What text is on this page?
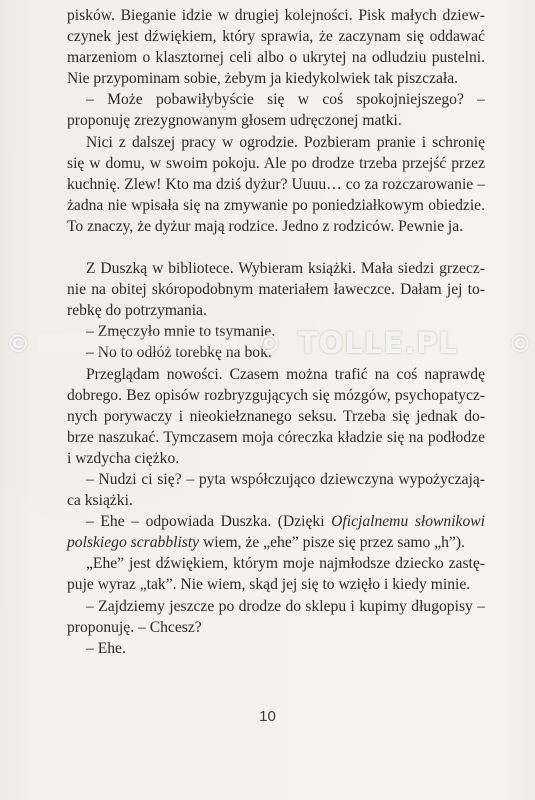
pisków. Bieganie idzie w drugiej kolejności. Pisk małych dziewczynek jest dźwiękiem, który sprawia, że zaczynam się oddawać marzeniom o klasztornej celi albo o ukrytej na odludziu pustelni. Nie przypominam sobie, żebym ja kiedykolwiek tak piszczała.

– Może pobawiłybyście się w coś spokojniejszego? – proponuję zrezygnowanym głosem udręczonej matki.

Nici z dalszej pracy w ogrodzie. Pozbieram pranie i schronię się w domu, w swoim pokoju. Ale po drodze trzeba przejść przez kuchnię. Zlew! Kto ma dziś dyżur? Uuuu… co za rozczarowanie – żadna nie wpisała się na zmywanie po poniedziałkowym obiedzie. To znaczy, że dyżur mają rodzice. Jedno z rodziców. Pewnie ja.

Z Duszką w bibliotece. Wybieram książki. Mała siedzi grzecznie na obitej skóropodobnym materiałem ławeczce. Dałam jej torebkę do potrzymania.

– Zmęczyło mnie to tsymanie.

– No to odłóż torebkę na bok.

Przeglądam nowości. Czasem można trafić na coś naprawdę dobrego. Bez opisów rozbryzgujących się mózgów, psychopatycznych porywaczy i nieokiełznanego seksu. Trzeba się jednak dobrze naszukać. Tymczasem moja córeczka kładzie się na podłodze i wzdycha ciężko.

– Nudzi ci się? – pyta współczująco dziewczyna wypożyczająca książki.

– Ehe – odpowiada Duszka. (Dzięki Oficjalnemu słownikowi polskiego scrabblisty wiem, że „ehe” pisze się przez samo „h”).

„Ehe” jest dźwiękiem, którym moje najmłodsze dziecko zastępuje wyraz „tak”. Nie wiem, skąd jej się to wzięło i kiedy minie.

– Zajdziemy jeszcze po drodze do sklepu i kupimy długopisy – proponuję. – Chcesz?

– Ehe.

©	© TOLLE.PL ©
10
